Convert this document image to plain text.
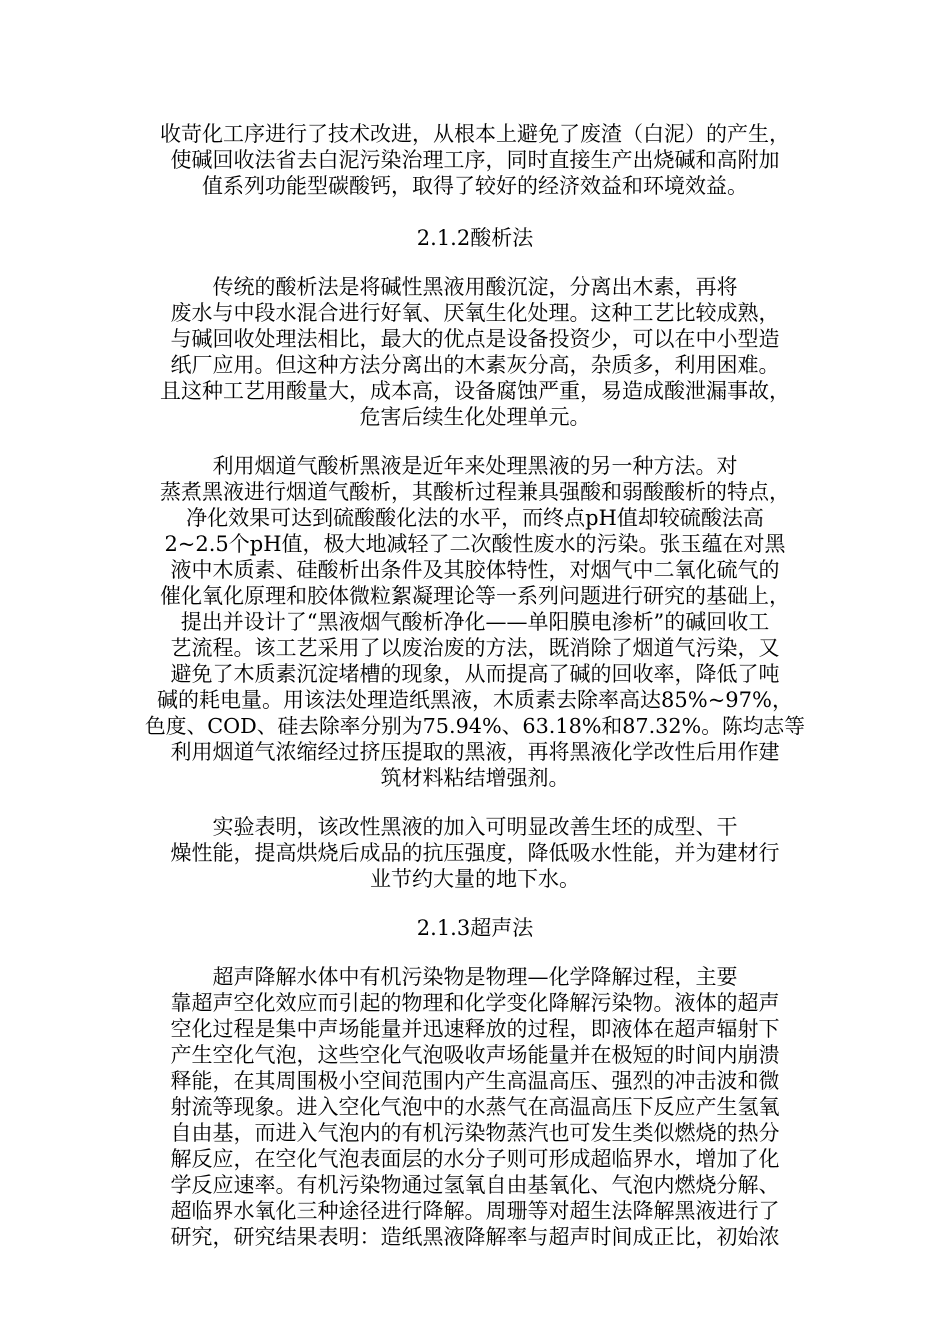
收苛化工序进行了技术改进，从根本上避免了废渣（白泥）的产生，
使碱回收法省去白泥污染治理工序，同时直接生产出烧碱和高附加
值系列功能型碳酸钙，取得了较好的经济效益和环境效益。
2.1.2酸析法
传统的酸析法是将碱性黑液用酸沉淀，分离出木素，再将
废水与中段水混合进行好氧、厌氧生化处理。这种工艺比较成熟，
与碱回收处理法相比，最大的优点是设备投资少，可以在中小型造
纸厂应用。但这种方法分离出的木素灰分高，杂质多，利用困难。
且这种工艺用酸量大，成本高，设备腐蚀严重，易造成酸泄漏事故，
危害后续生化处理单元。
利用烟道气酸析黑液是近年来处理黑液的另一种方法。对
蒸煮黑液进行烟道气酸析，其酸析过程兼具强酸和弱酸酸析的特点，
净化效果可达到硫酸酸化法的水平，而终点pH值却较硫酸法高
2~2.5个pH值，极大地减轻了二次酸性废水的污染。张玉蕴在对黑
液中木质素、硅酸析出条件及其胶体特性，对烟气中二氧化硫气的
催化氧化原理和胶体微粒絮凝理论等一系列问题进行研究的基础上，
提出并设计了“黑液烟气酸析净化——单阳膜电渗析”的碱回收工
艺流程。该工艺采用了以废治废的方法，既消除了烟道气污染，又
避免了木质素沉淀堵槽的现象，从而提高了碱的回收率，降低了吨
碱的耗电量。用该法处理造纸黑液，木质素去除率高达85%~97%，
色度、COD、硅去除率分别为75.94%、63.18%和87.32%。陈均志等
利用烟道气浓缩经过挤压提取的黑液，再将黑液化学改性后用作建
筑材料粘结增强剂。
实验表明，该改性黑液的加入可明显改善生坯的成型、干
燥性能，提高烘烧后成品的抗压强度，降低吸水性能，并为建材行
业节约大量的地下水。
2.1.3超声法
超声降解水体中有机污染物是物理—化学降解过程，主要
靠超声空化效应而引起的物理和化学变化降解污染物。液体的超声
空化过程是集中声场能量并迅速释放的过程，即液体在超声辐射下
产生空化气泡，这些空化气泡吸收声场能量并在极短的时间内崩溃
释能，在其周围极小空间范围内产生高温高压、强烈的冲击波和微
射流等现象。进入空化气泡中的水蒸气在高温高压下反应产生氢氧
自由基，而进入气泡内的有机污染物蒸汽也可发生类似燃烧的热分
解反应，在空化气泡表面层的水分子则可形成超临界水，增加了化
学反应速率。有机污染物通过氢氧自由基氧化、气泡内燃烧分解、
超临界水氧化三种途径进行降解。周珊等对超生法降解黑液进行了
研究，研究结果表明：造纸黑液降解率与超声时间成正比，初始浓
